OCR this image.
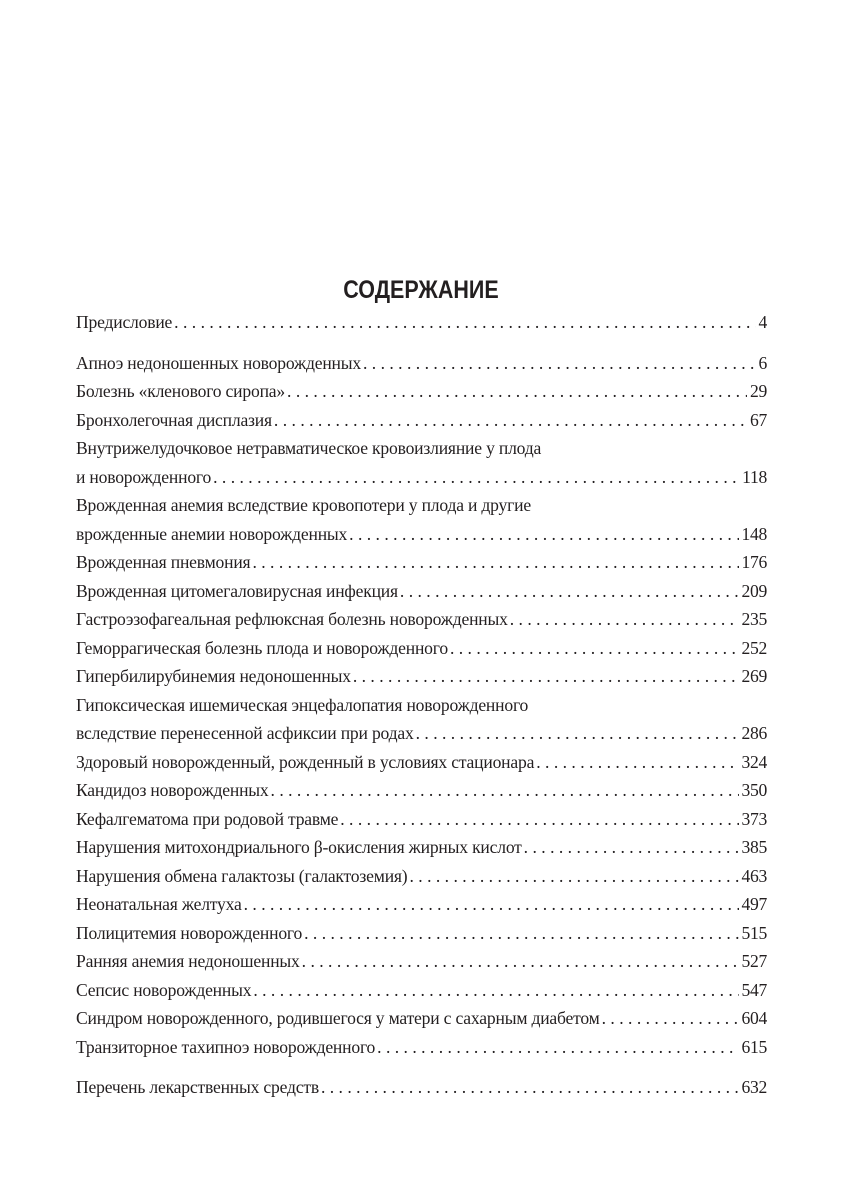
СОДЕРЖАНИЕ
Предисловие . . .	4
Апноэ недоношенных новорожденных . . .	6
Болезнь «кленового сиропа» . . .	29
Бронхолегочная дисплазия . . .	67
Внутрижелудочковое нетравматическое кровоизлияние у плода
и новорожденного . . .	118
Врожденная анемия вследствие кровопотери у плода и другие
врожденные анемии новорожденных . . .	148
Врожденная пневмония . . .	176
Врожденная цитомегаловирусная инфекция . . .	209
Гастроэзофагеальная рефлюксная болезнь новорожденных . . .	235
Геморрагическая болезнь плода и новорожденного . . .	252
Гипербилирубинемия недоношенных . . .	269
Гипоксическая ишемическая энцефалопатия новорожденного
вследствие перенесенной асфиксии при родах . . .	286
Здоровый новорожденный, рожденный в условиях стационара . . .	324
Кандидоз новорожденных . . .	350
Кефалгематома при родовой травме . . .	373
Нарушения митохондриального β-окисления жирных кислот . . .	385
Нарушения обмена галактозы (галактоземия) . . .	463
Неонатальная желтуха . . .	497
Полицитемия новорожденного . . .	515
Ранняя анемия недоношенных . . .	527
Сепсис новорожденных . . .	547
Синдром новорожденного, родившегося у матери с сахарным диабетом . . .	604
Транзиторное тахипноэ новорожденного . . .	615
Перечень лекарственных средств . . .	632
